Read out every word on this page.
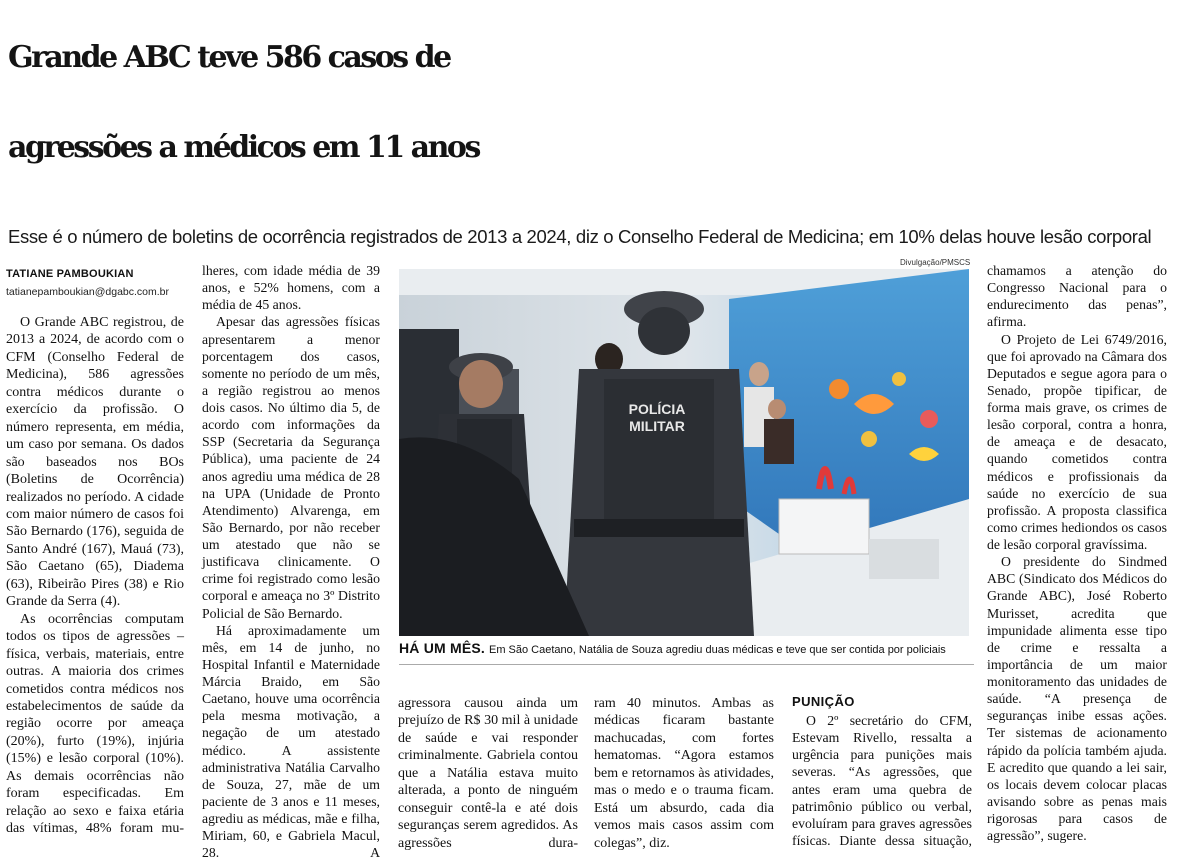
Grande ABC teve 586 casos de
agressões a médicos em 11 anos

Esse é o número de boletins de ocorrência registrados de 2013 a 2024, diz o Conselho Federal de Medicina; em 10% delas houve lesão corporal

TATIANE PAMBOUKIAN
tatianepamboukian@dgabc.com.br

O Grande ABC registrou, de 2013 a 2024, de acordo com o CFM (Conselho Federal de Medicina), 586 agressões contra médicos durante o exercício da profissão. O número representa, em média, um caso por semana. Os dados são baseados nos BOs (Boletins de Ocorrência) realizados no período. A cidade com maior número de casos foi São Bernardo (176), seguida de Santo André (167), Mauá (73), São Caetano (65), Diadema (63), Ribeirão Pires (38) e Rio Grande da Serra (4).

As ocorrências computam todos os tipos de agressões – física, verbais, materiais, entre outras. A maioria dos crimes cometidos contra médicos nos estabelecimentos de saúde da região ocorre por ameaça (20%), furto (19%), injúria (15%) e lesão corporal (10%). As demais ocorrências não foram especificadas. Em relação ao sexo e faixa etária das vítimas, 48% foram mu-

lheres, com idade média de 39 anos, e 52% homens, com a média de 45 anos.

Apesar das agressões físicas apresentarem a menor porcentagem dos casos, somente no período de um mês, a região registrou ao menos dois casos. No último dia 5, de acordo com informações da SSP (Secretaria da Segurança Pública), uma paciente de 24 anos agrediu uma médica de 28 na UPA (Unidade de Pronto Atendimento) Alvarenga, em São Bernardo, por não receber um atestado que não se justificava clinicamente. O crime foi registrado como lesão corporal e ameaça no 3º Distrito Policial de São Bernardo.

Há aproximadamente um mês, em 14 de junho, no Hospital Infantil e Maternidade Márcia Braido, em São Caetano, houve uma ocorrência pela mesma motivação, a negação de um atestado médico. A assistente administrativa Natália Carvalho de Souza, 27, mãe de um paciente de 3 anos e 11 meses, agrediu as médicas, mãe e filha, Miriam, 60, e Gabriela Macul, 28. A

Divulgação/PMSCS
POLÍCIA
MILITAR
HÁ UM MÊS. Em São Caetano, Natália de Souza agrediu duas médicas e teve que ser contida por policiais

agressora causou ainda um prejuízo de R$ 30 mil à unidade de saúde e vai responder criminalmente. Gabriela contou que a Natália estava muito alterada, a ponto de ninguém conseguir contê-la e até dois seguranças serem agredidos. As agressões dura-

ram 40 minutos. Ambas as médicas ficaram bastante machucadas, com fortes hematomas. “Agora estamos bem e retornamos às atividades, mas o medo e o trauma ficam. Está um absurdo, cada dia vemos mais casos assim com colegas”, diz.

PUNIÇÃO

O 2º secretário do CFM, Estevam Rivello, ressalta a urgência para punições mais severas. “As agressões, que antes eram uma quebra de patrimônio público ou verbal, evoluíram para graves agressões físicas. Diante dessa situação,

chamamos a atenção do Congresso Nacional para o endurecimento das penas”, afirma.

O Projeto de Lei 6749/2016, que foi aprovado na Câmara dos Deputados e segue agora para o Senado, propõe tipificar, de forma mais grave, os crimes de lesão corporal, contra a honra, de ameaça e de desacato, quando cometidos contra médicos e profissionais da saúde no exercício de sua profissão. A proposta classifica como crimes hediondos os casos de lesão corporal gravíssima.

O presidente do Sindmed ABC (Sindicato dos Médicos do Grande ABC), José Roberto Murisset, acredita que impunidade alimenta esse tipo de crime e ressalta a importância de um maior monitoramento das unidades de saúde. “A presença de seguranças inibe essas ações. Ter sistemas de acionamento rápido da polícia também ajuda. E acredito que quando a lei sair, os locais devem colocar placas avisando sobre as penas mais rigorosas para casos de agressão”, sugere.
